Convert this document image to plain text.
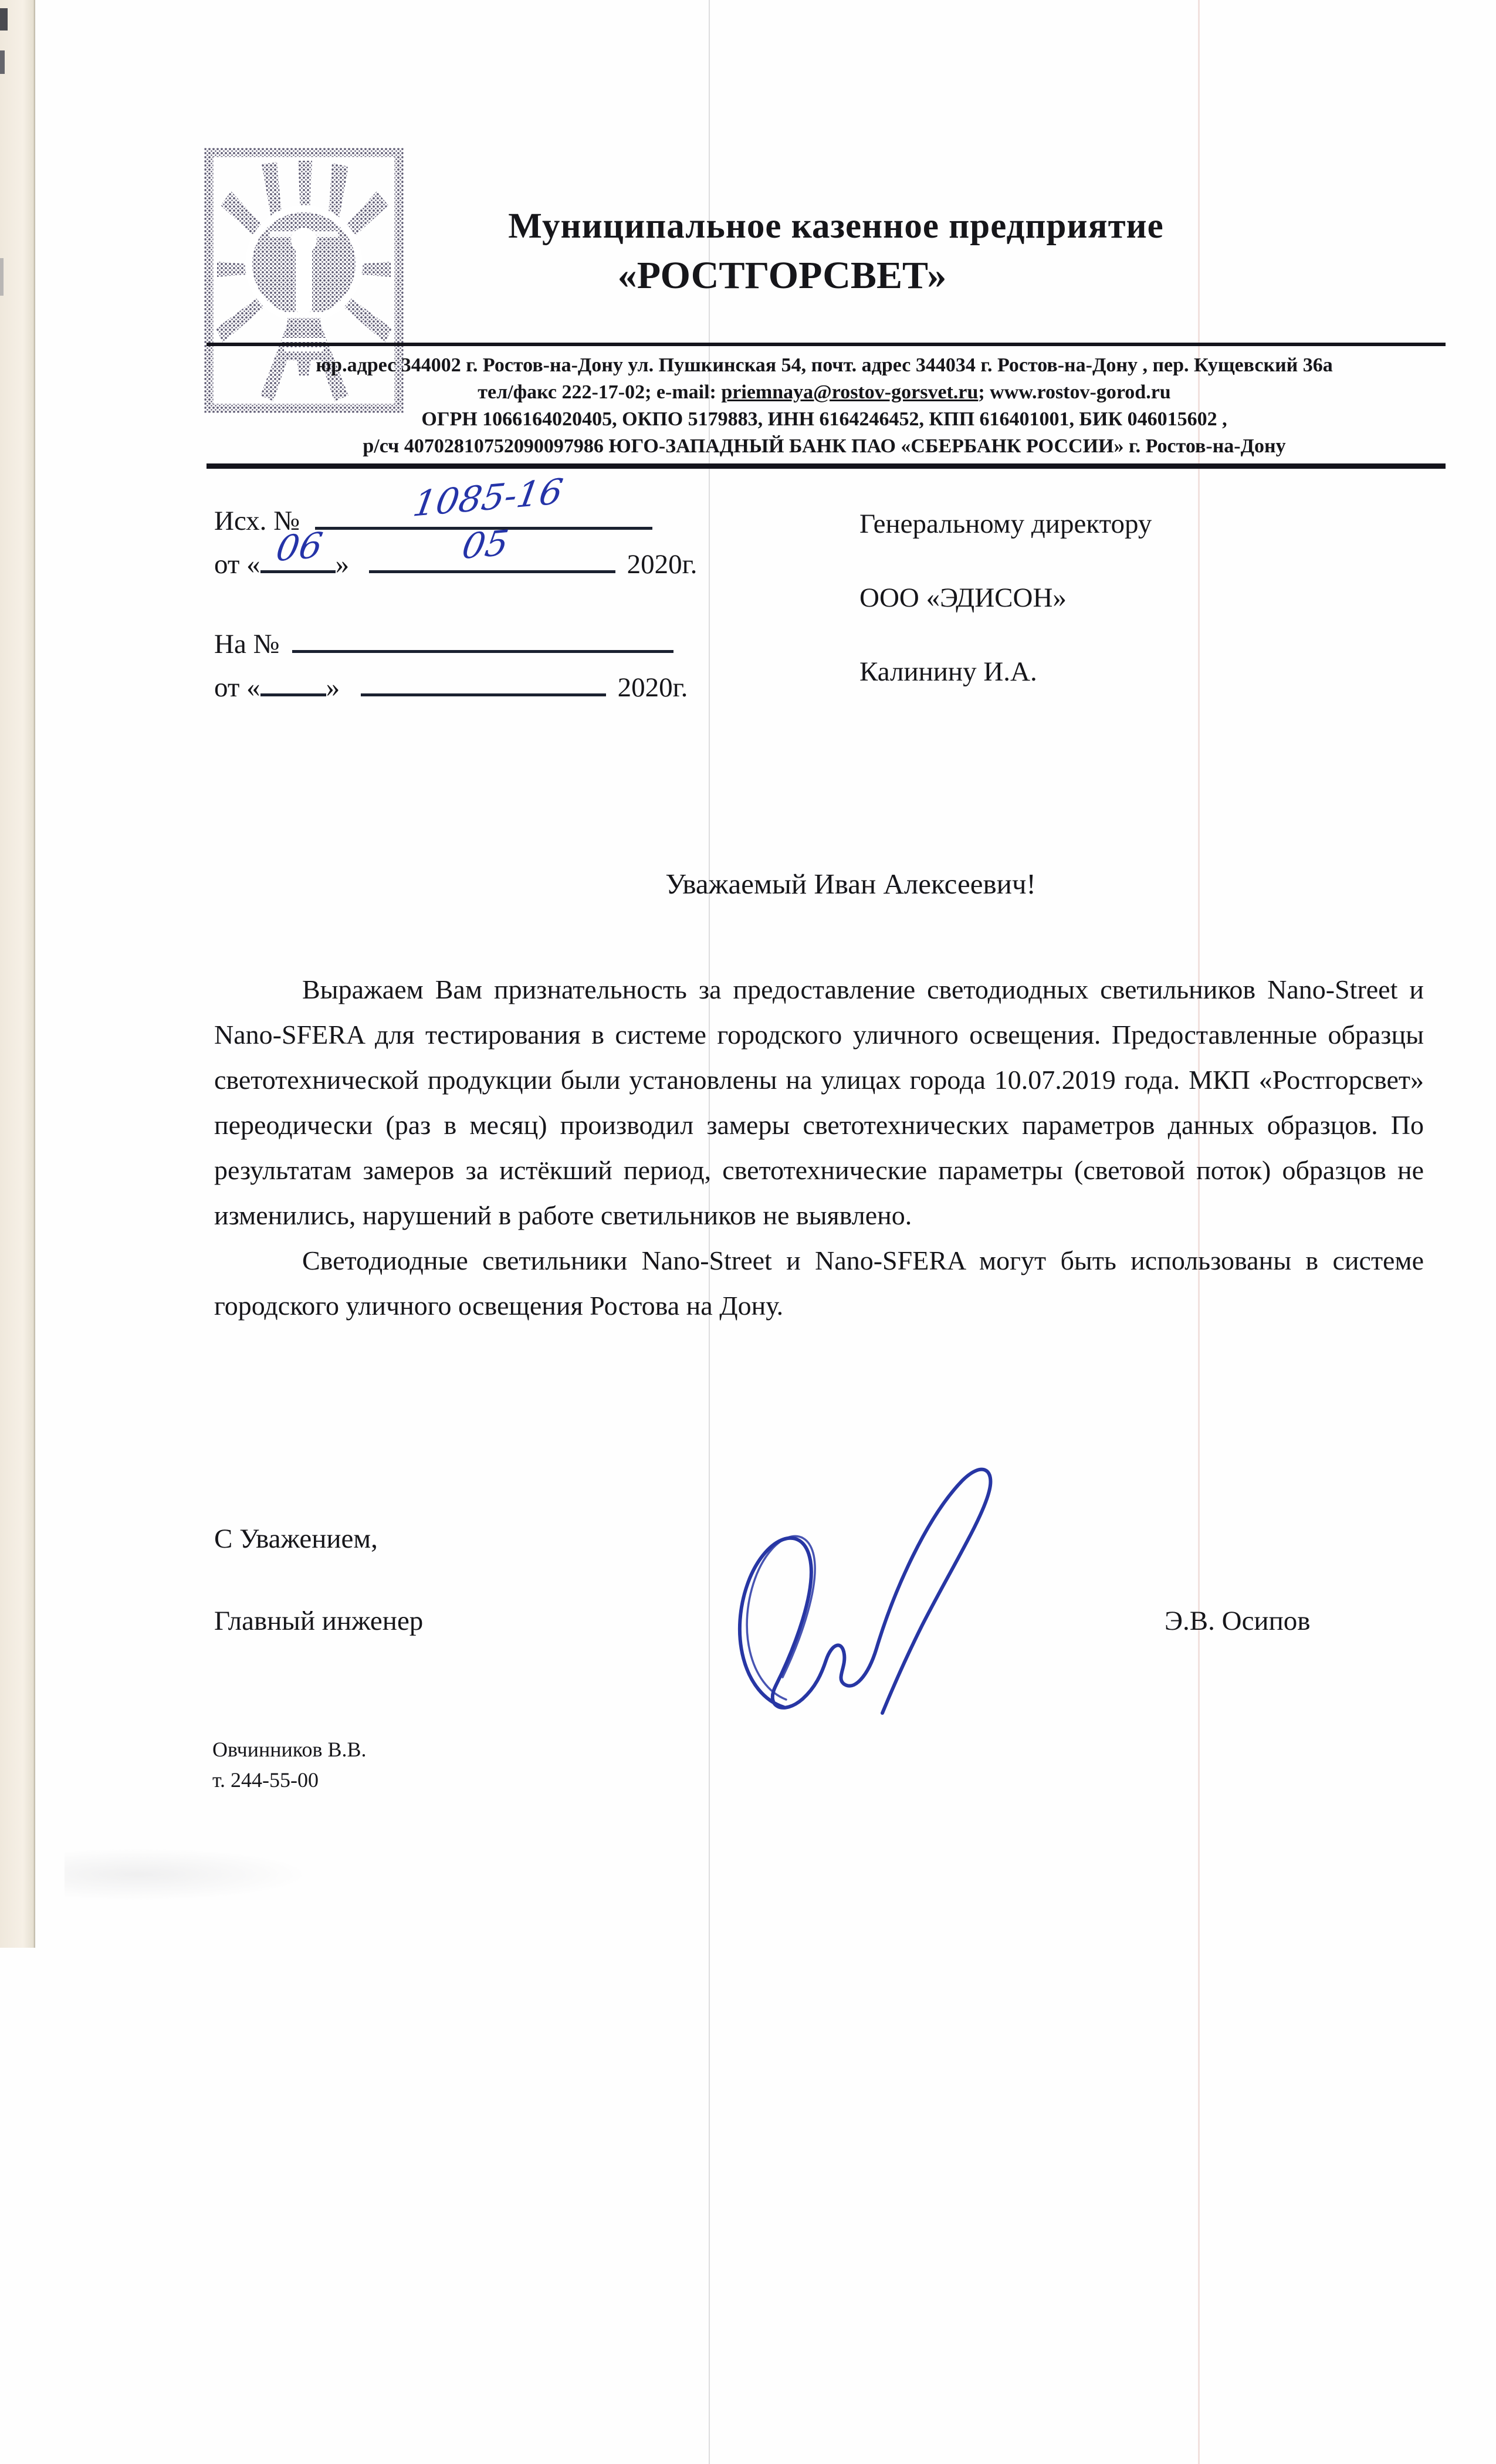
Муниципальное казенное предприятие
«РОСТГОРСВЕТ»
юр.адрес 344002 г. Ростов-на-Дону ул. Пушкинская 54, почт. адрес 344034 г. Ростов-на-Дону , пер. Кущевский 36а
тел/факс 222-17-02; e-mail: priemnaya@rostov-gorsvet.ru; www.rostov-gorod.ru
ОГРН 1066164020405, ОКПО 5179883, ИНН 6164246452, КПП 616401001, БИК 046015602 ,
р/сч 40702810752090097986 ЮГО-ЗАПАДНЫЙ БАНК ПАО «СБЕРБАНК РОССИИ» г. Ростов-на-Дону
Исх. №	1085-16
от « 06 »	05	2020г.
На №
от « »	2020г.
Генеральному директору
ООО «ЭДИСОН»
Калинину И.А.
Уважаемый Иван Алексеевич!

Выражаем Вам признательность за предоставление светодиодных светильников Nano-Street и Nano-SFERA для тестирования в системе городского уличного освещения. Предоставленные образцы светотехнической продукции были установлены на улицах города 10.07.2019 года. МКП «Ростгорсвет» переодически (раз в месяц) производил замеры светотехнических параметров данных образцов. По результатам замеров за истёкший период, светотехнические параметры (световой поток) образцов не изменились, нарушений в работе светильников не выявлено.

Светодиодные светильники Nano-Street и Nano-SFERA могут быть использованы в системе городского уличного освещения Ростова на Дону.

С Уважением,
Главный инженер	Э.В. Осипов
Овчинников В.В.
т. 244-55-00
